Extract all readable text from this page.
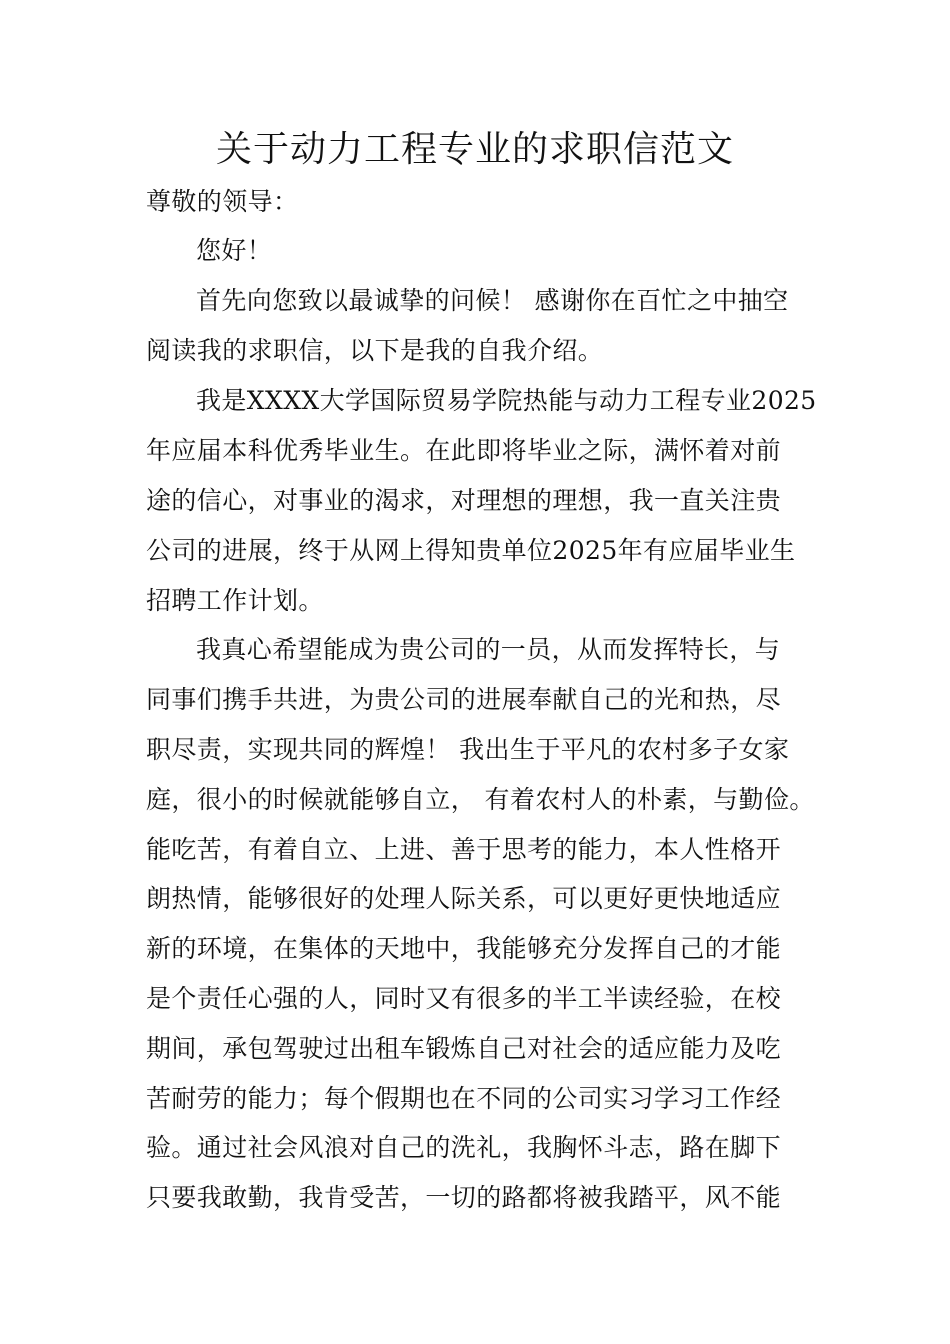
关于动力工程专业的求职信范文
尊敬的领导：
您好！
首先向您致以最诚挚的问候！ 感谢你在百忙之中抽空
阅读我的求职信，以下是我的自我介绍。
我是XXXX大学国际贸易学院热能与动力工程专业2025
年应届本科优秀毕业生。在此即将毕业之际，满怀着对前
途的信心，对事业的渴求，对理想的理想，我一直关注贵
公司的进展，终于从网上得知贵单位2025年有应届毕业生
招聘工作计划。
我真心希望能成为贵公司的一员，从而发挥特长，与
同事们携手共进，为贵公司的进展奉献自己的光和热，尽
职尽责，实现共同的辉煌！ 我出生于平凡的农村多子女家
庭，很小的时候就能够自立， 有着农村人的朴素，与勤俭。
能吃苦，有着自立、上进、善于思考的能力，本人性格开
朗热情，能够很好的处理人际关系，可以更好更快地适应
新的环境，在集体的天地中，我能够充分发挥自己的才能
是个责任心强的人，同时又有很多的半工半读经验，在校
期间，承包驾驶过出租车锻炼自己对社会的适应能力及吃
苦耐劳的能力；每个假期也在不同的公司实习学习工作经
验。通过社会风浪对自己的洗礼，我胸怀斗志，路在脚下
只要我敢勤，我肯受苦，一切的路都将被我踏平，风不能
